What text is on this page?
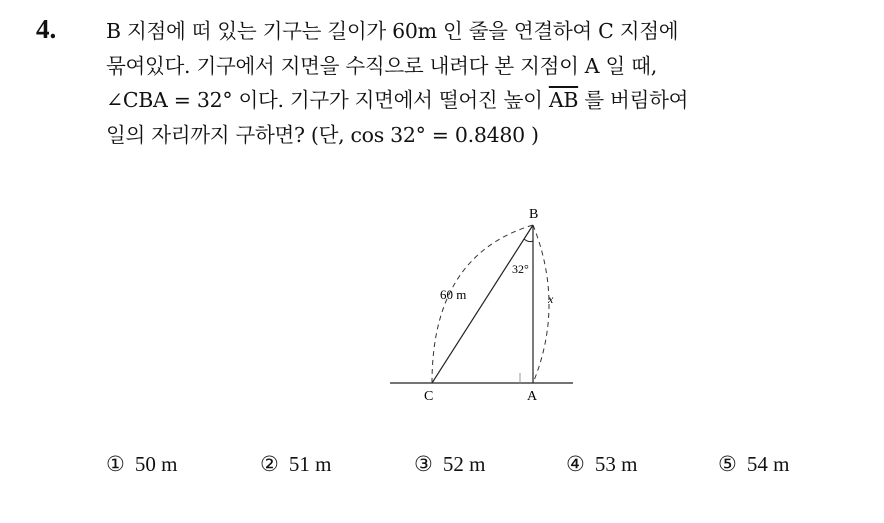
4. B 지점에 떠 있는 기구는 길이가 60m 인 줄을 연결하여 C 지점에
묶여있다. 기구에서 지면을 수직으로 내려다 본 지점이 A 일 때,
∠CBA = 32° 이다. 기구가 지면에서 떨어진 높이 $\overline{AB}$ 를 버림하여
일의 자리까지 구하면? (단, cos 32° = 0.8480 )
B
C	A
60 m
32°
x
① 50 m	② 51 m	③ 52 m	④ 53 m	⑤ 54 m
